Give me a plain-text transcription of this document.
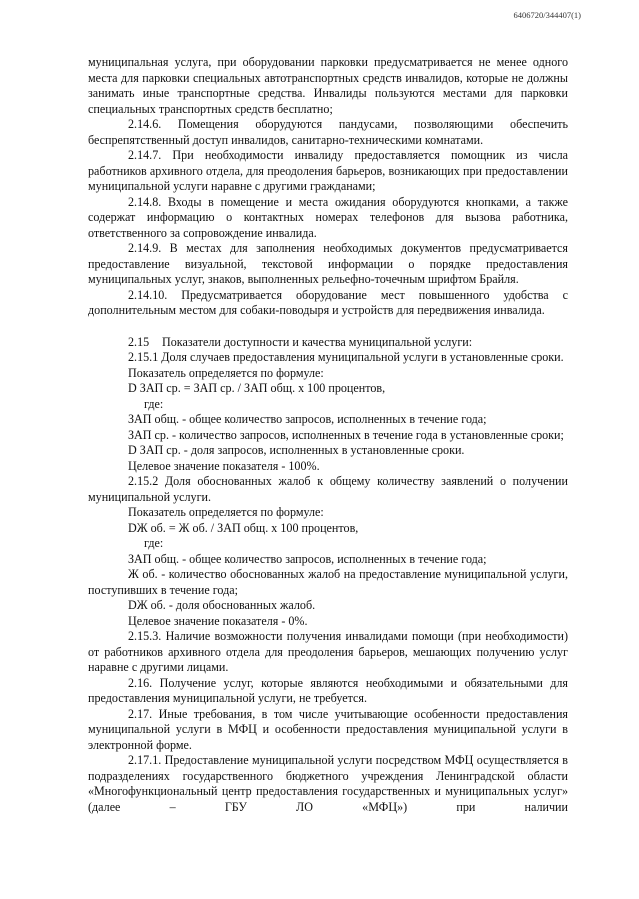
6406720/344407(1)

муниципальная услуга, при оборудовании парковки предусматривается не менее одного места для парковки специальных автотранспортных средств инвалидов, которые не должны занимать иные транспортные средства. Инвалиды пользуются местами для парковки специальных транспортных средств бесплатно;

2.14.6. Помещения оборудуются пандусами, позволяющими обеспечить беспрепятственный доступ инвалидов, санитарно-техническими комнатами.

2.14.7. При необходимости инвалиду предоставляется помощник из числа работников архивного отдела, для преодоления барьеров, возникающих при предоставлении муниципальной услуги наравне с другими гражданами;

2.14.8. Входы в помещение и места ожидания оборудуются кнопками, а также содержат информацию о контактных номерах телефонов для вызова работника, ответственного за сопровождение инвалида.

2.14.9. В местах для заполнения необходимых документов предусматривается предоставление визуальной, текстовой информации о порядке предоставления муниципальных услуг, знаков, выполненных рельефно-точечным шрифтом Брайля.

2.14.10. Предусматривается оборудование мест повышенного удобства с дополнительным местом для собаки-поводыря и устройств для передвижения инвалида.

2.15 Показатели доступности и качества муниципальной услуги:

2.15.1 Доля случаев предоставления муниципальной услуги в установленные сроки.

Показатель определяется по формуле:

D ЗАП ср. = ЗАП ср. / ЗАП общ. х 100 процентов,

где:

ЗАП общ. - общее количество запросов, исполненных в течение года;

ЗАП ср. - количество запросов, исполненных в течение года в установленные сроки;

D ЗАП ср. - доля запросов, исполненных в установленные сроки.

Целевое значение показателя - 100%.

2.15.2 Доля обоснованных жалоб к общему количеству заявлений о получении муниципальной услуги.

Показатель определяется по формуле:

DЖ об. = Ж об. / ЗАП общ. х 100 процентов,

где:

ЗАП общ. - общее количество запросов, исполненных в течение года;

Ж об. - количество обоснованных жалоб на предоставление муниципальной услуги, поступивших в течение года;

DЖ об. - доля обоснованных жалоб.

Целевое значение показателя - 0%.

2.15.3. Наличие возможности получения инвалидами помощи (при необходимости) от работников архивного отдела для преодоления барьеров, мешающих получению услуг наравне с другими лицами.

2.16. Получение услуг, которые являются необходимыми и обязательными для предоставления муниципальной услуги, не требуется.

2.17. Иные требования, в том числе учитывающие особенности предоставления муниципальной услуги в МФЦ и особенности предоставления муниципальной услуги в электронной форме.

2.17.1. Предоставление муниципальной услуги посредством МФЦ осуществляется в подразделениях государственного бюджетного учреждения Ленинградской области «Многофункциональный центр предоставления государственных и муниципальных услуг» (далее – ГБУ ЛО «МФЦ») при наличии
